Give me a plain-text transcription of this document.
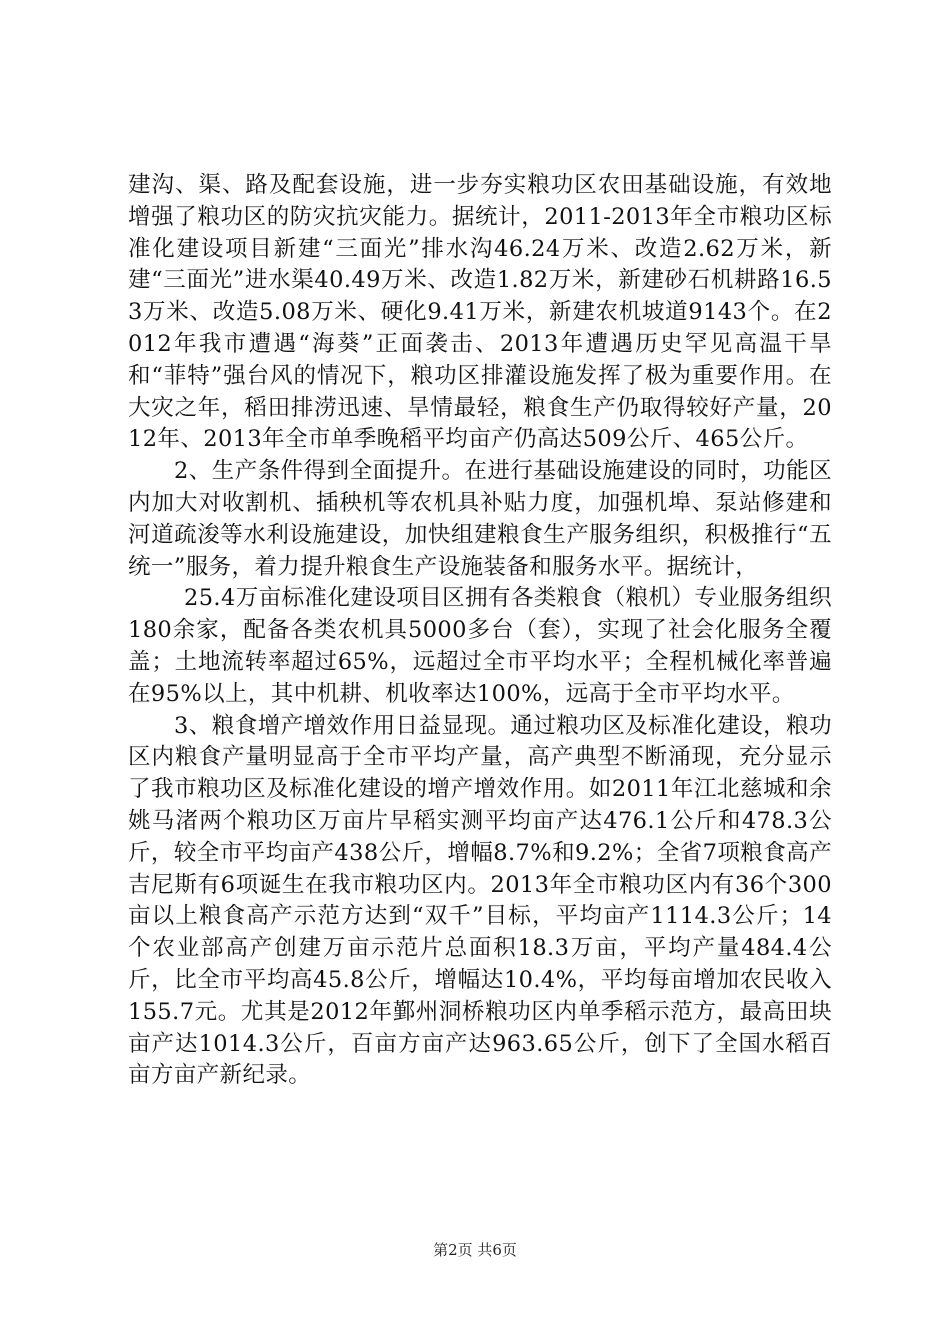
建沟、渠、路及配套设施，进一步夯实粮功区农田基础设施，有效地增强了粮功区的防灾抗灾能力。据统计，2011-2013年全市粮功区标准化建设项目新建“三面光”排水沟46.24万米、改造2.62万米，新建“三面光”进水渠40.49万米、改造1.82万米，新建砂石机耕路16.53万米、改造5.08万米、硬化9.41万米，新建农机坡道9143个。在2012年我市遭遇“海葵”正面袭击、2013年遭遇历史罕见高温干旱和“菲特”强台风的情况下，粮功区排灌设施发挥了极为重要作用。在大灾之年，稻田排涝迅速、旱情最轻，粮食生产仍取得较好产量，2012年、2013年全市单季晚稻平均亩产仍高达509公斤、465公斤。

2、生产条件得到全面提升。在进行基础设施建设的同时，功能区内加大对收割机、插秧机等农机具补贴力度，加强机埠、泵站修建和河道疏浚等水利设施建设，加快组建粮食生产服务组织，积极推行“五统一”服务，着力提升粮食生产设施装备和服务水平。据统计，

25.4万亩标准化建设项目区拥有各类粮食（粮机）专业服务组织180余家，配备各类农机具5000多台（套），实现了社会化服务全覆盖；土地流转率超过65%，远超过全市平均水平；全程机械化率普遍在95%以上，其中机耕、机收率达100%，远高于全市平均水平。

3、粮食增产增效作用日益显现。通过粮功区及标准化建设，粮功区内粮食产量明显高于全市平均产量，高产典型不断涌现，充分显示了我市粮功区及标准化建设的增产增效作用。如2011年江北慈城和余姚马渚两个粮功区万亩片早稻实测平均亩产达476.1公斤和478.3公斤，较全市平均亩产438公斤，增幅8.7%和9.2%；全省7项粮食高产吉尼斯有6项诞生在我市粮功区内。2013年全市粮功区内有36个300亩以上粮食高产示范方达到“双千”目标，平均亩产1114.3公斤；14个农业部高产创建万亩示范片总面积18.3万亩，平均产量484.4公斤，比全市平均高45.8公斤，增幅达10.4%，平均每亩增加农民收入155.7元。尤其是2012年鄞州洞桥粮功区内单季稻示范方，最高田块亩产达1014.3公斤，百亩方亩产达963.65公斤，创下了全国水稻百亩方亩产新纪录。

第2页 共6页
